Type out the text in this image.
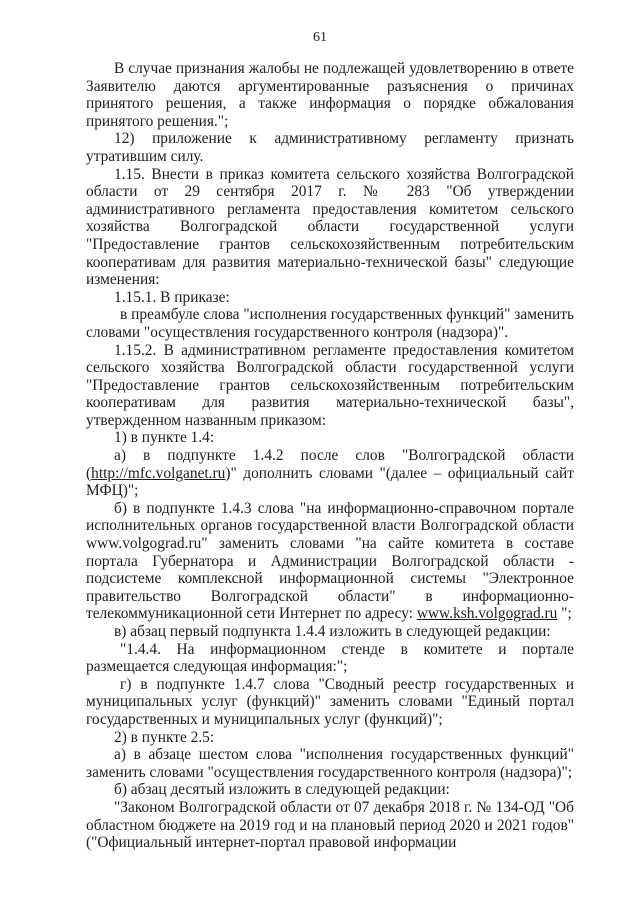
61

В случае признания жалобы не подлежащей удовлетворению в ответе Заявителю даются аргументированные разъяснения о причинах принятого решения, а также информация о порядке обжалования принятого решения.";

12) приложение к административному регламенту признать утратившим силу.

1.15. Внести в приказ комитета сельского хозяйства Волгоградской области от 29 сентября 2017 г. № 283 "Об утверждении административного регламента предоставления комитетом сельского хозяйства Волгоградской области государственной услуги "Предоставление грантов сельскохозяйственным потребительским кооперативам для развития материально-технической базы" следующие изменения:

1.15.1. В приказе:

в преамбуле слова "исполнения государственных функций" заменить словами "осуществления государственного контроля (надзора)".

1.15.2. В административном регламенте предоставления комитетом сельского хозяйства Волгоградской области государственной услуги "Предоставление грантов сельскохозяйственным потребительским кооперативам для развития материально-технической базы", утвержденном названным приказом:

1) в пункте 1.4:

а) в подпункте 1.4.2 после слов "Волгоградской области (http://mfc.volganet.ru)" дополнить словами "(далее – официальный сайт МФЦ)";

б) в подпункте 1.4.3 слова "на информационно-справочном портале исполнительных органов государственной власти Волгоградской области www.volgograd.ru" заменить словами "на сайте комитета в составе портала Губернатора и Администрации Волгоградской области - подсистеме комплексной информационной системы "Электронное правительство Волгоградской области" в информационно-телекоммуникационной сети Интернет по адресу: www.ksh.volgograd.ru ";

в) абзац первый подпункта 1.4.4 изложить в следующей редакции:

"1.4.4. На информационном стенде в комитете и портале размещается следующая информация:";

г) в подпункте 1.4.7 слова "Сводный реестр государственных и муниципальных услуг (функций)" заменить словами "Единый портал государственных и муниципальных услуг (функций)";

2) в пункте 2.5:

а) в абзаце шестом слова "исполнения государственных функций" заменить словами "осуществления государственного контроля (надзора)";

б) абзац десятый изложить в следующей редакции:

"Законом Волгоградской области от 07 декабря 2018 г. № 134-ОД "Об областном бюджете на 2019 год и на плановый период 2020 и 2021 годов" ("Официальный интернет-портал правовой информации
